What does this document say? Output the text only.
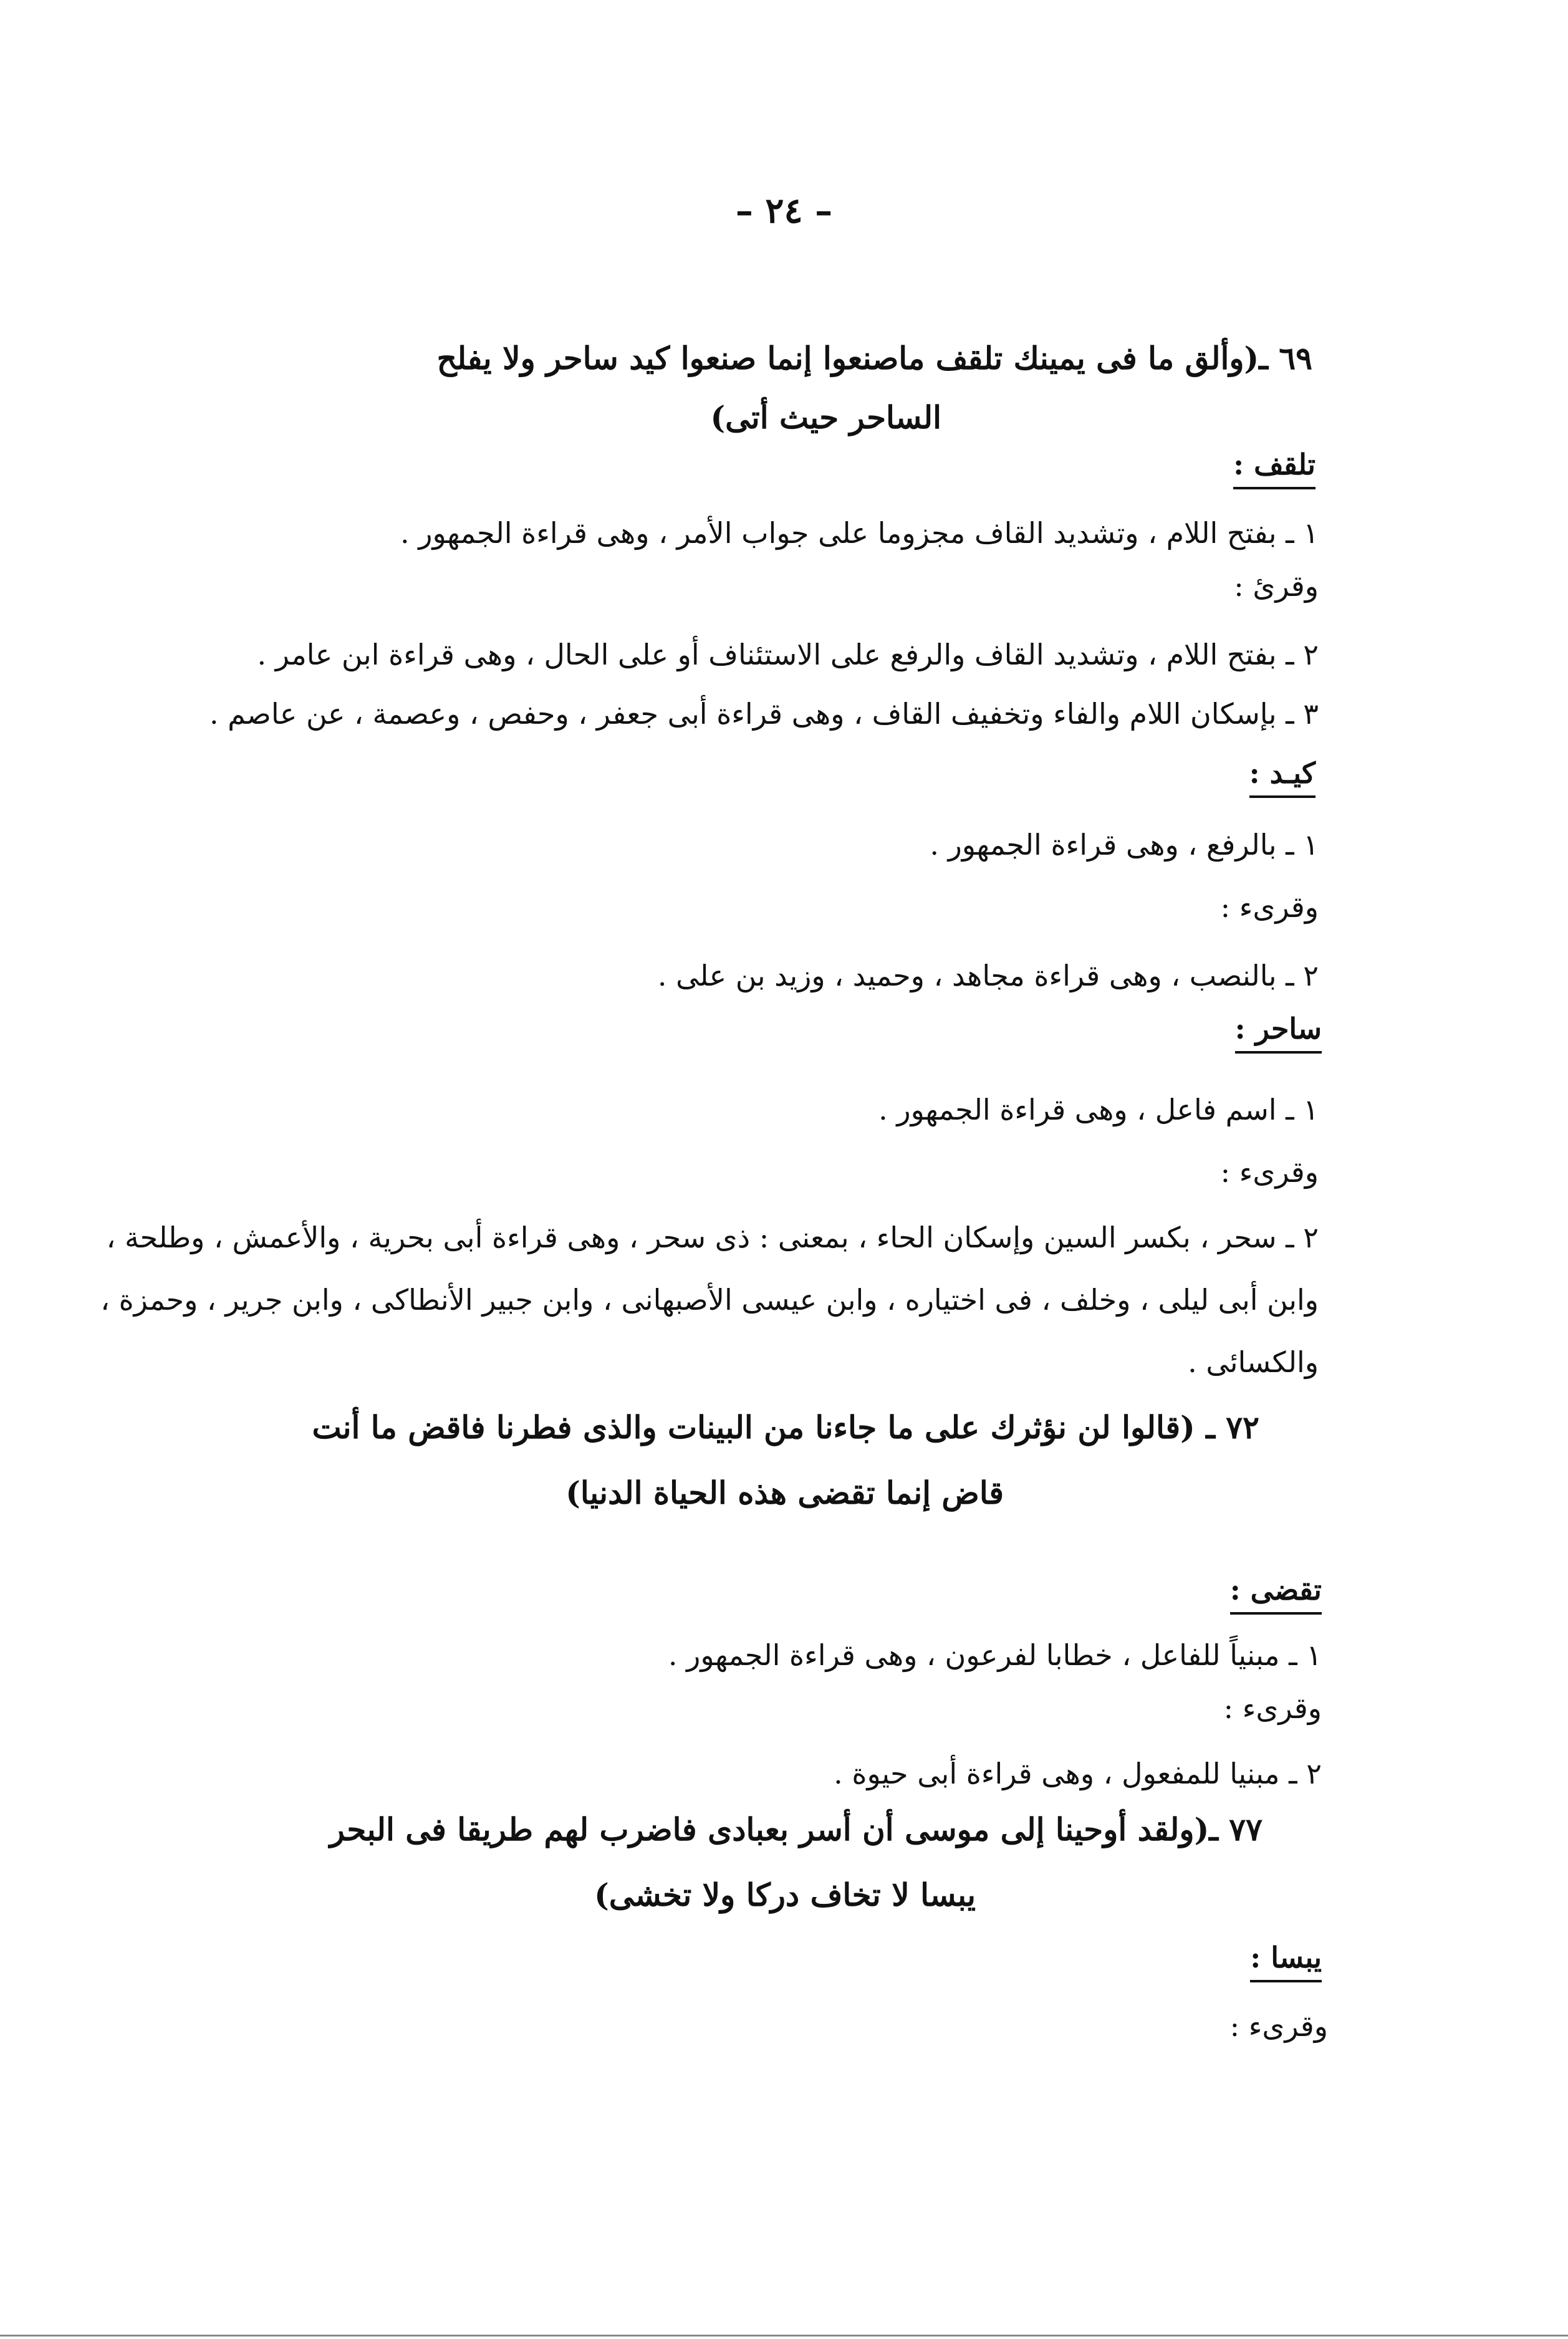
– ٢٤ –
٦٩ ـ(وألق ما فى يمينك تلقف ماصنعوا إنما صنعوا كيد ساحر ولا يفلح
الساحر حيث أتى)
تلقف :
١ ـ بفتح اللام ، وتشديد القاف مجزوما على جواب الأمر ، وهى قراءة الجمهور .
وقرئ :
٢ ـ بفتح اللام ، وتشديد القاف والرفع على الاستئناف أو على الحال ، وهى قراءة ابن عامر .
٣ ـ بإسكان اللام والفاء وتخفيف القاف ، وهى قراءة أبى جعفر ، وحفص ، وعصمة ، عن عاصم .
كيـد :
١ ـ بالرفع ، وهى قراءة الجمهور .
وقرىء :
٢ ـ بالنصب ، وهى قراءة مجاهد ، وحميد ، وزيد بن على .
ساحر :
١ ـ اسم فاعل ، وهى قراءة الجمهور .
وقرىء :
٢ ـ سحر ، بكسر السين وإسكان الحاء ، بمعنى : ذى سحر ، وهى قراءة أبى بحرية ، والأعمش ، وطلحة ،
وابن أبى ليلى ، وخلف ، فى اختياره ، وابن عيسى الأصبهانى ، وابن جبير الأنطاكى ، وابن جرير ، وحمزة ،
والكسائى .
٧٢ ـ (قالوا لن نؤثرك على ما جاءنا من البينات والذى فطرنا فاقض ما أنت
قاض إنما تقضى هذه الحياة الدنيا)
تقضى :
١ ـ مبنياً للفاعل ، خطابا لفرعون ، وهى قراءة الجمهور .
وقرىء :
٢ ـ مبنيا للمفعول ، وهى قراءة أبى حيوة .
٧٧ ـ(ولقد أوحينا إلى موسى أن أسر بعبادى فاضرب لهم طريقا فى البحر
يبسا لا تخاف دركا ولا تخشى)
يبسا :
وقرىء :
